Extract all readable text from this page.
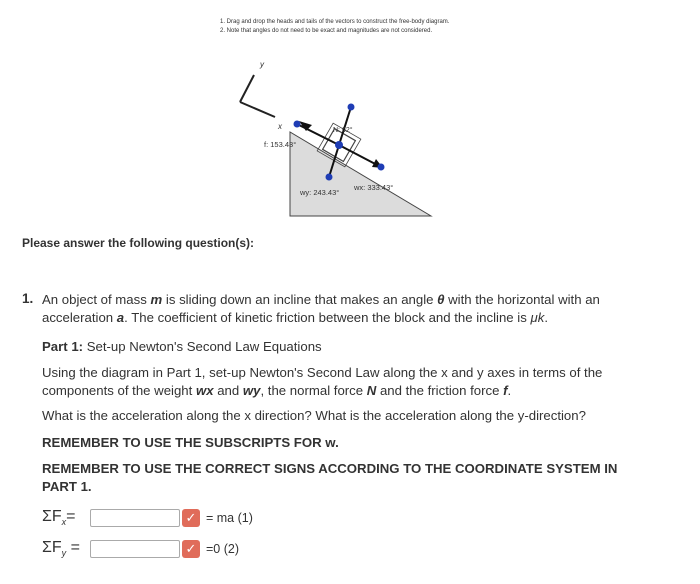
1. Drag and drop the heads and tails of the vectors to construct the free-body diagram.
2. Note that angles do not need to be exact and magnitudes are not considered.
y
x
f: 153.43°
N: 62°
wy: 243.43°
wx: 333.43°
Please answer the following question(s):
1. An object of mass m is sliding down an incline that makes an angle θ with the horizontal with an acceleration a. The coefficient of kinetic friction between the block and the incline is μk.
Part 1: Set-up Newton's Second Law Equations
Using the diagram in Part 1, set-up Newton's Second Law along the x and y axes in terms of the components of the weight wx and wy, the normal force N and the friction force f.
What is the acceleration along the x direction? What is the acceleration along the y-direction?
REMEMBER TO USE THE SUBSCRIPTS FOR w.
REMEMBER TO USE THE CORRECT SIGNS ACCORDING TO THE COORDINATE SYSTEM IN PART 1.
$\Sigma F_x=$	✓ = ma (1)
$\Sigma F_y$ =	✓ =0 (2)
